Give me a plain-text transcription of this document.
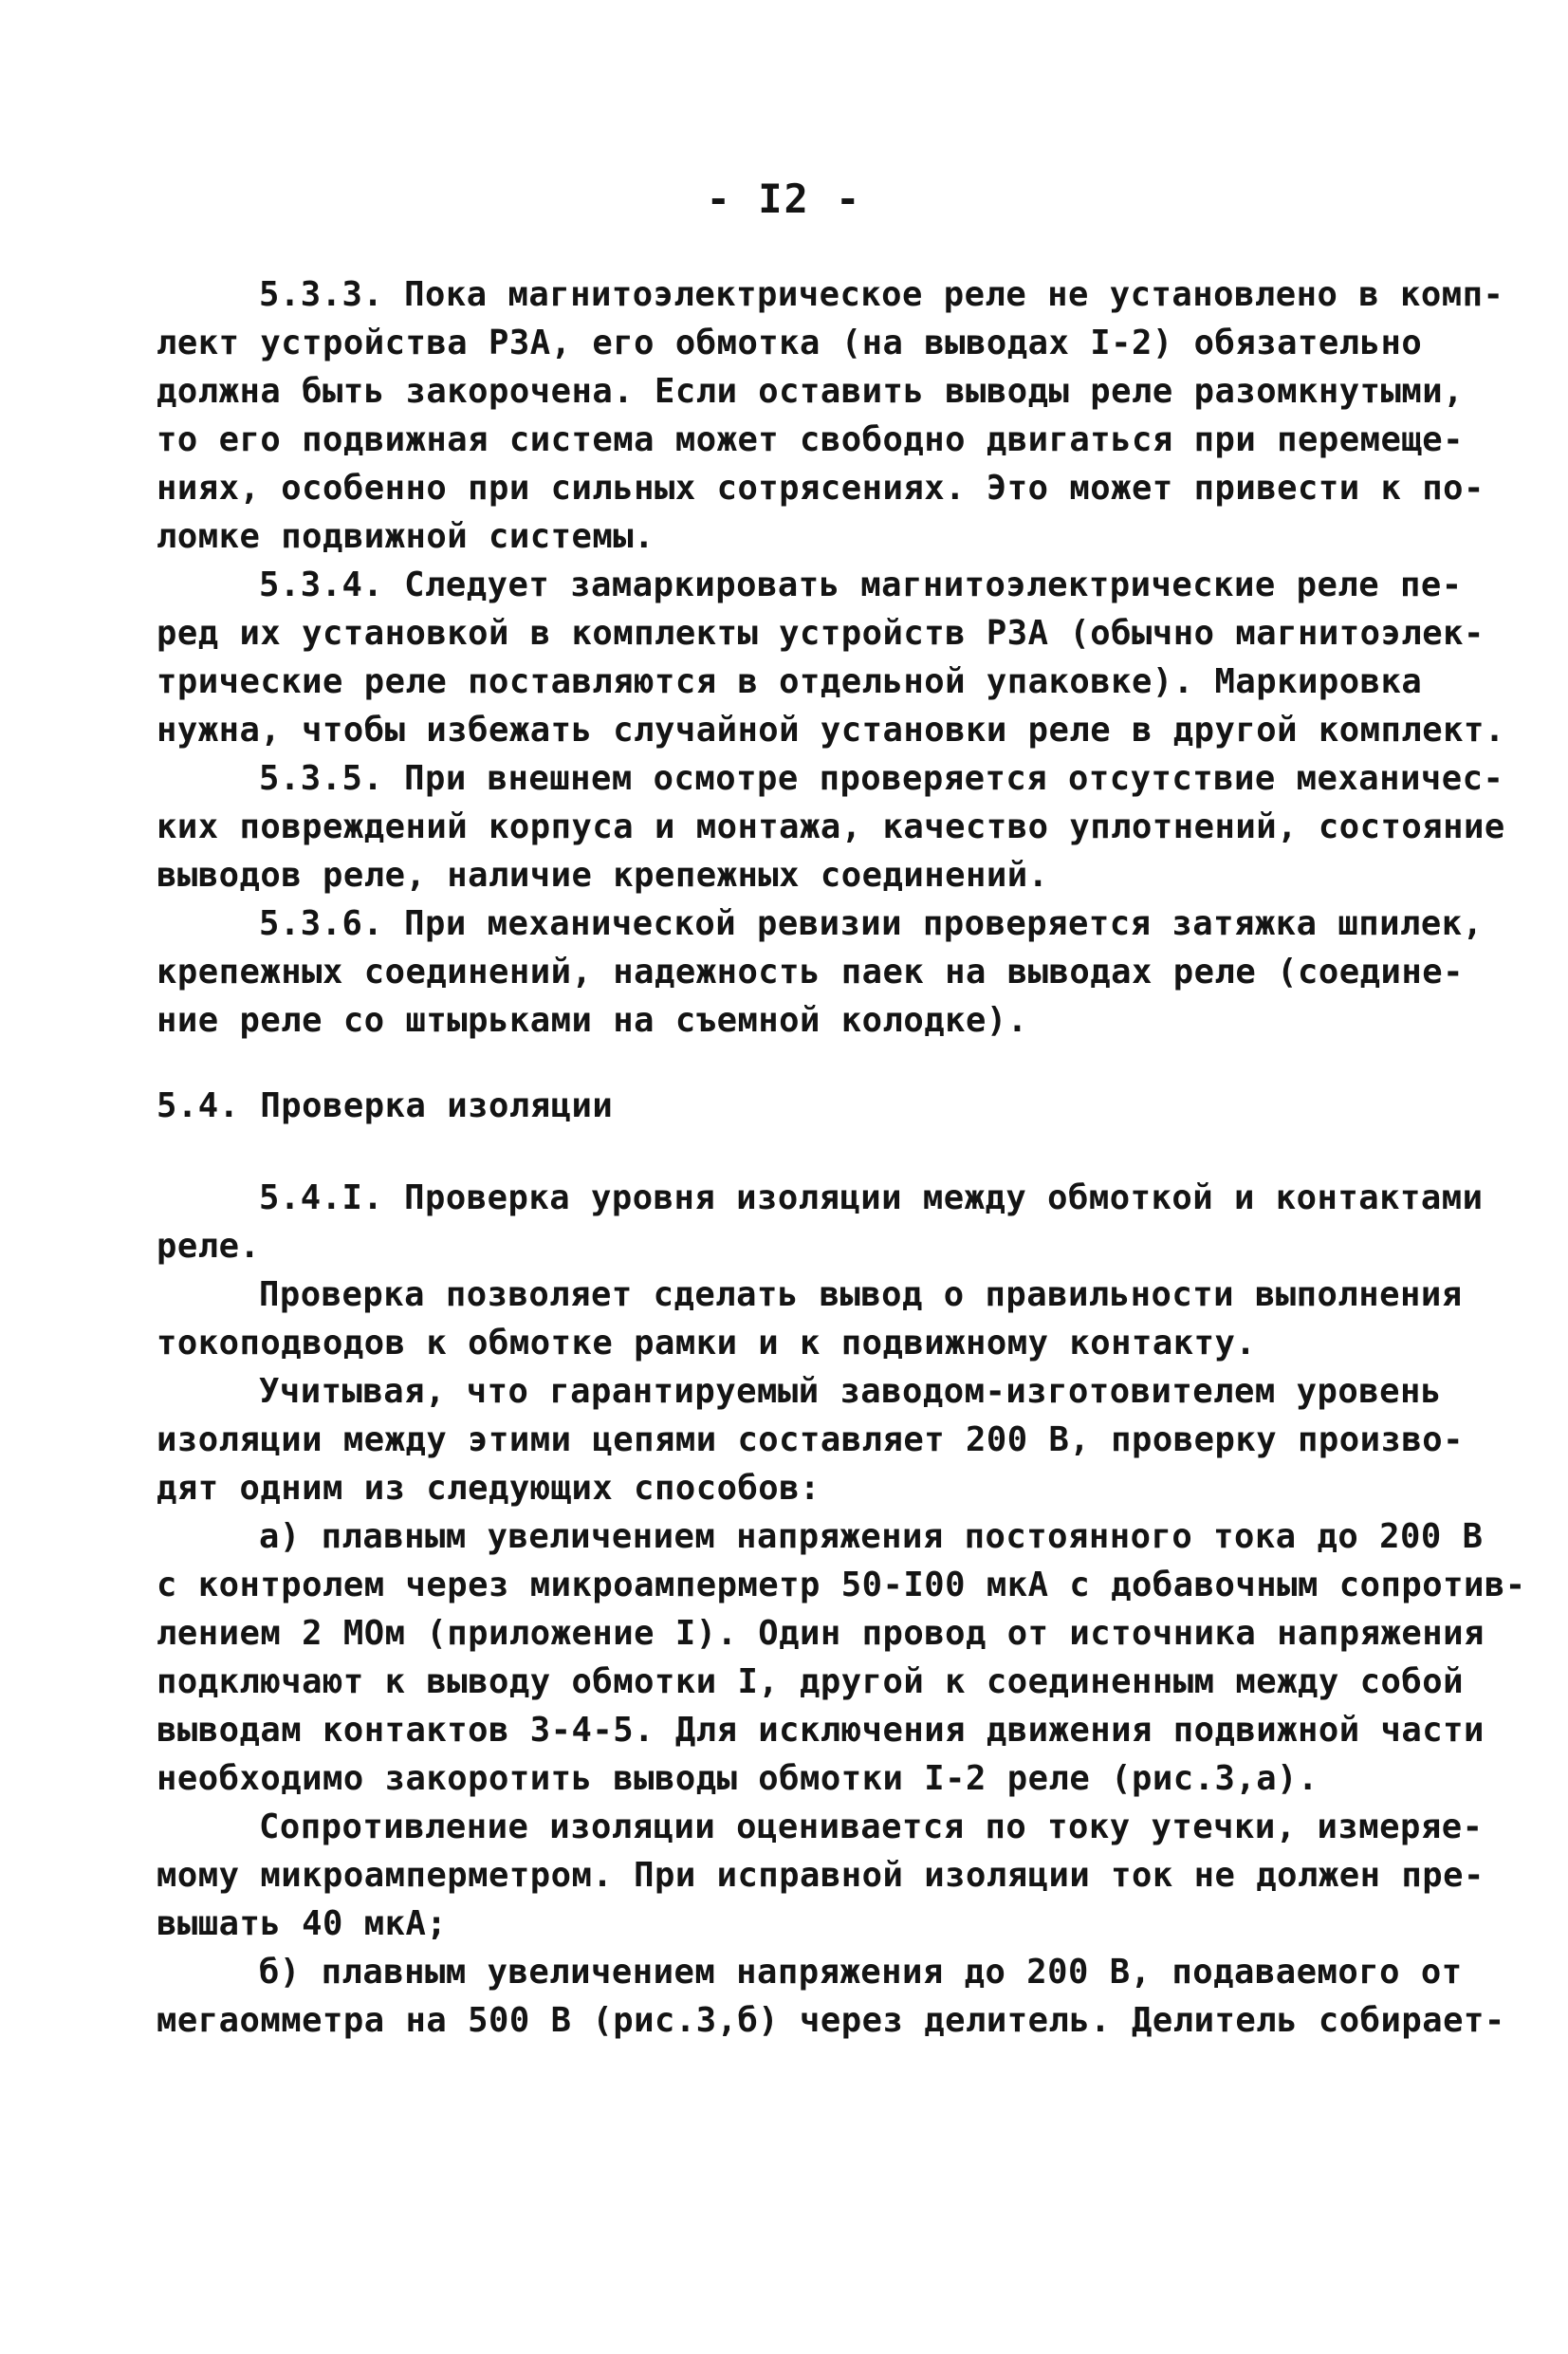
- I2 -
5.3.3. Пока магнитоэлектрическое реле не установлено в комп-
лект устройства РЗА, его обмотка (на выводах I-2) обязательно
должна быть закорочена. Если оставить выводы реле разомкнутыми,
то его подвижная система может свободно двигаться при перемеще-
ниях, особенно при сильных сотрясениях. Это может привести к по-
ломке подвижной системы.
5.3.4. Следует замаркировать магнитоэлектрические реле пе-
ред их установкой в комплекты устройств РЗА (обычно магнитоэлек-
трические реле поставляются в отдельной упаковке). Маркировка
нужна, чтобы избежать случайной установки реле в другой комплект.
5.3.5. При внешнем осмотре проверяется отсутствие механичес-
ких повреждений корпуса и монтажа, качество уплотнений, состояние
выводов реле, наличие крепежных соединений.
5.3.6. При механической ревизии проверяется затяжка шпилек,
крепежных соединений, надежность паек на выводах реле (соедине-
ние реле со штырьками на съемной колодке).
5.4. Проверка изоляции
5.4.I. Проверка уровня изоляции между обмоткой и контактами
реле.
Проверка позволяет сделать вывод о правильности выполнения
токоподводов к обмотке рамки и к подвижному контакту.
Учитывая, что гарантируемый заводом-изготовителем уровень
изоляции между этими цепями составляет 200 В, проверку произво-
дят одним из следующих способов:
а) плавным увеличением напряжения постоянного тока до 200 В
с контролем через микроамперметр 50-I00 мкА с добавочным сопротив-
лением 2 МОм (приложение I). Один провод от источника напряжения
подключают к выводу обмотки I, другой к соединенным между собой
выводам контактов 3-4-5. Для исключения движения подвижной части
необходимо закоротить выводы обмотки I-2 реле (рис.3,а).
Сопротивление изоляции оценивается по току утечки, измеряе-
мому микроамперметром. При исправной изоляции ток не должен пре-
вышать 40 мкА;
б) плавным увеличением напряжения до 200 В, подаваемого от
мегаомметра на 500 В (рис.3,б) через делитель. Делитель собирает-
